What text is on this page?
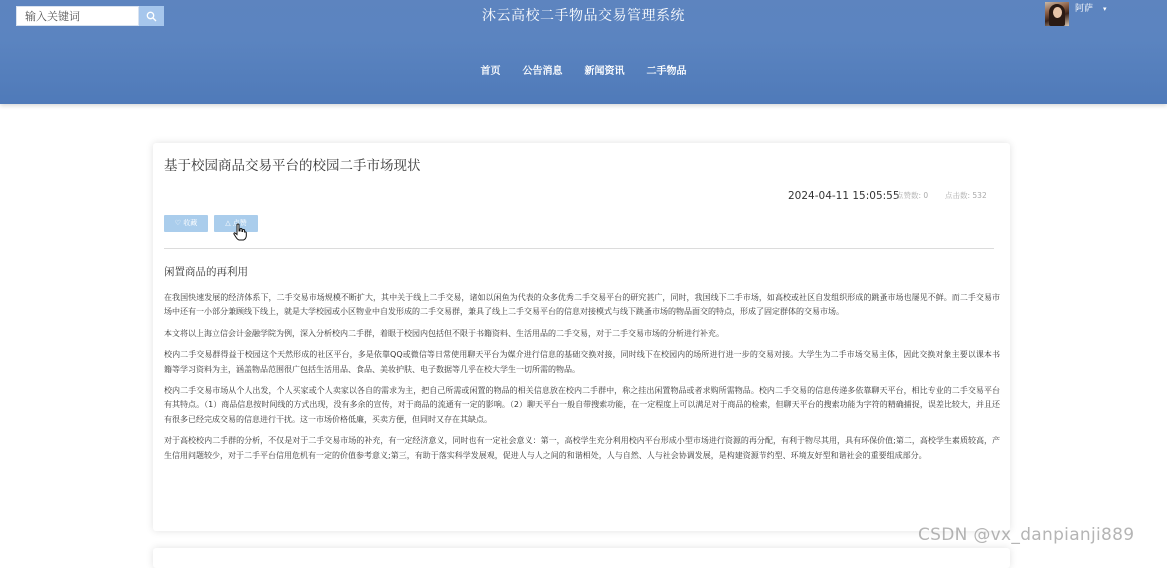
输入关键词
沐云高校二手物品交易管理系统	阿萨 ▾
首页	公告消息	新闻资讯	二手物品
基于校园商品交易平台的校园二手市场现状
2024-04-11 15:05:55
点赞数: 0 点击数: 532
♡ 收藏	△ 点赞
闲置商品的再利用

在我国快速发展的经济体系下，二手交易市场规模不断扩大，其中关于线上二手交易，诸如以闲鱼为代表的众多优秀二手交易平台的研究甚广，同时，我国线下二手市场，如高校或社区自发组织形成的跳蚤市场也屡见不鲜。而二手交易市场中还有一小部分兼顾线下线上，就是大学校园或小区物业中自发形成的二手交易群，兼具了线上二手交易平台的信息对接模式与线下跳蚤市场的物品面交的特点，形成了固定群体的交易市场。

本文将以上海立信会计金融学院为例，深入分析校内二手群，着眼于校园内包括但不限于书籍资料、生活用品的二手交易，对于二手交易市场的分析进行补充。

校内二手交易群得益于校园这个天然形成的社区平台，多是依靠QQ或微信等日常使用聊天平台为媒介进行信息的基础交换对接，同时线下在校园内的场所进行进一步的交易对接。大学生为二手市场交易主体，因此交换对象主要以课本书籍等学习资料为主，涵盖物品范围很广包括生活用品、食品、美妆护肤、电子数据等几乎在校大学生一切所需的物品。

校内二手交易市场从个人出发，个人买家或个人卖家以各自的需求为主，把自己所需或闲置的物品的相关信息放在校内二手群中，称之挂出闲置物品或者求购所需物品。校内二手交易的信息传递多依靠聊天平台，相比专业的二手交易平台有其特点。（1）商品信息按时间线的方式出现，没有多余的宣传，对于商品的流通有一定的影响。（2）聊天平台一般自带搜索功能，在一定程度上可以满足对于商品的检索，但聊天平台的搜索功能为字符的精确捕捉，误差比较大，并且还有很多已经完成交易的信息进行干扰。这一市场价格低廉，买卖方便，但同时又存在其缺点。

对于高校校内二手群的分析，不仅是对于二手交易市场的补充，有一定经济意义，同时也有一定社会意义：第一，高校学生充分利用校内平台形成小型市场进行资源的再分配，有利于物尽其用，具有环保价值;第二，高校学生素质较高，产生信用问题较少，对于二手平台信用危机有一定的价值参考意义;第三，有助于落实科学发展观，促进人与人之间的和谐相处，人与自然、人与社会协调发展，是构建资源节约型、环境友好型和谐社会的重要组成部分。

CSDN @vx_danpianji889
